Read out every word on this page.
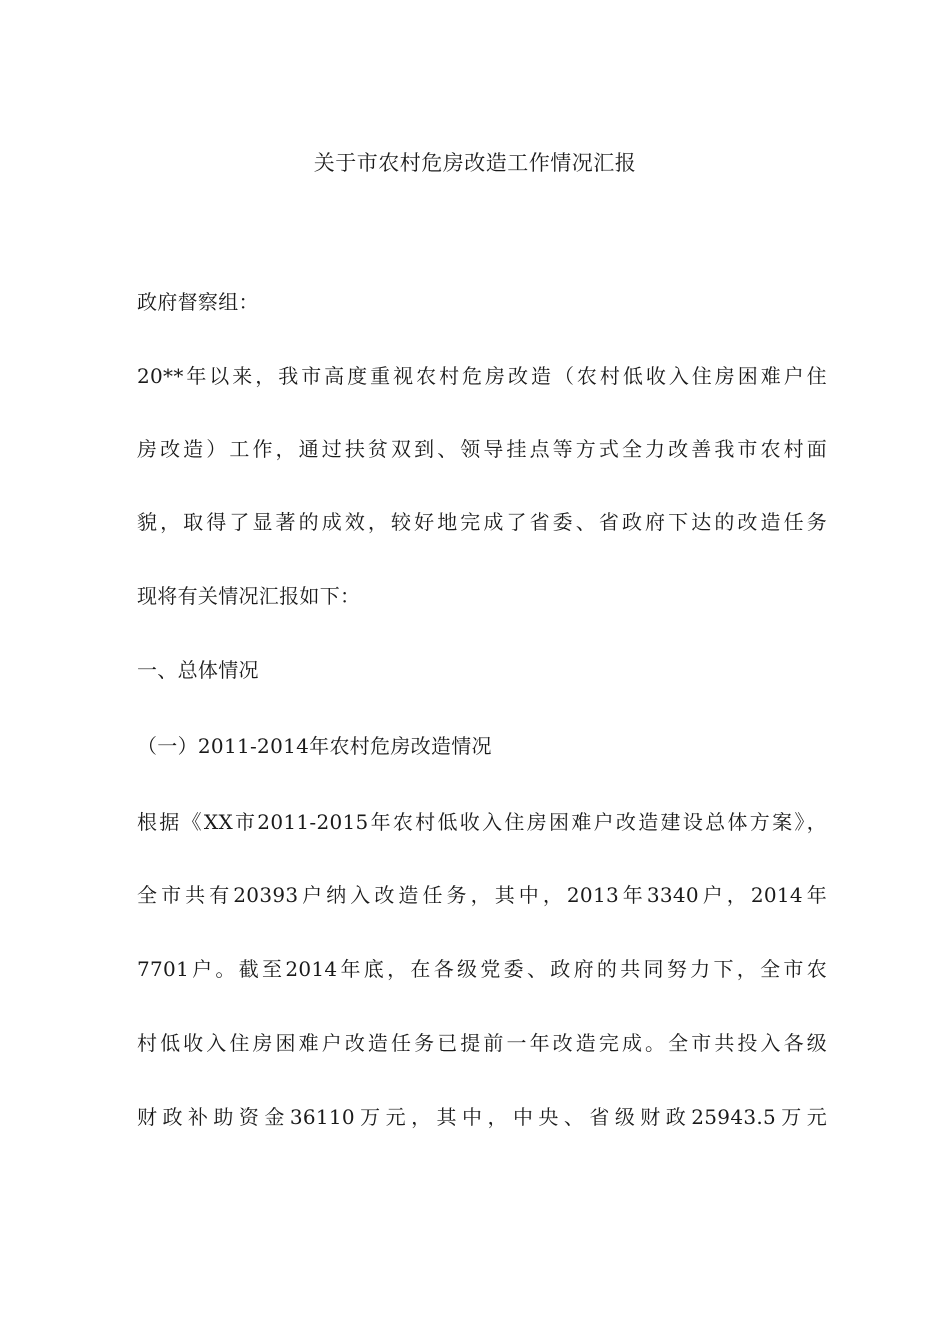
关于市农村危房改造工作情况汇报
政府督察组：
20**年以来，我市高度重视农村危房改造（农村低收入住房困难户住
房改造）工作，通过扶贫双到、领导挂点等方式全力改善我市农村面
貌，取得了显著的成效，较好地完成了省委、省政府下达的改造任务
现将有关情况汇报如下：
一、总体情况
（一）2011-2014年农村危房改造情况
根据《XX市2011-2015年农村低收入住房困难户改造建设总体方案》，
全市共有20393户纳入改造任务，其中，2013年3340户，2014年
7701户。截至2014年底，在各级党委、政府的共同努力下，全市农
村低收入住房困难户改造任务已提前一年改造完成。全市共投入各级
财政补助资金36110万元，其中，中央、省级财政25943.5万元
